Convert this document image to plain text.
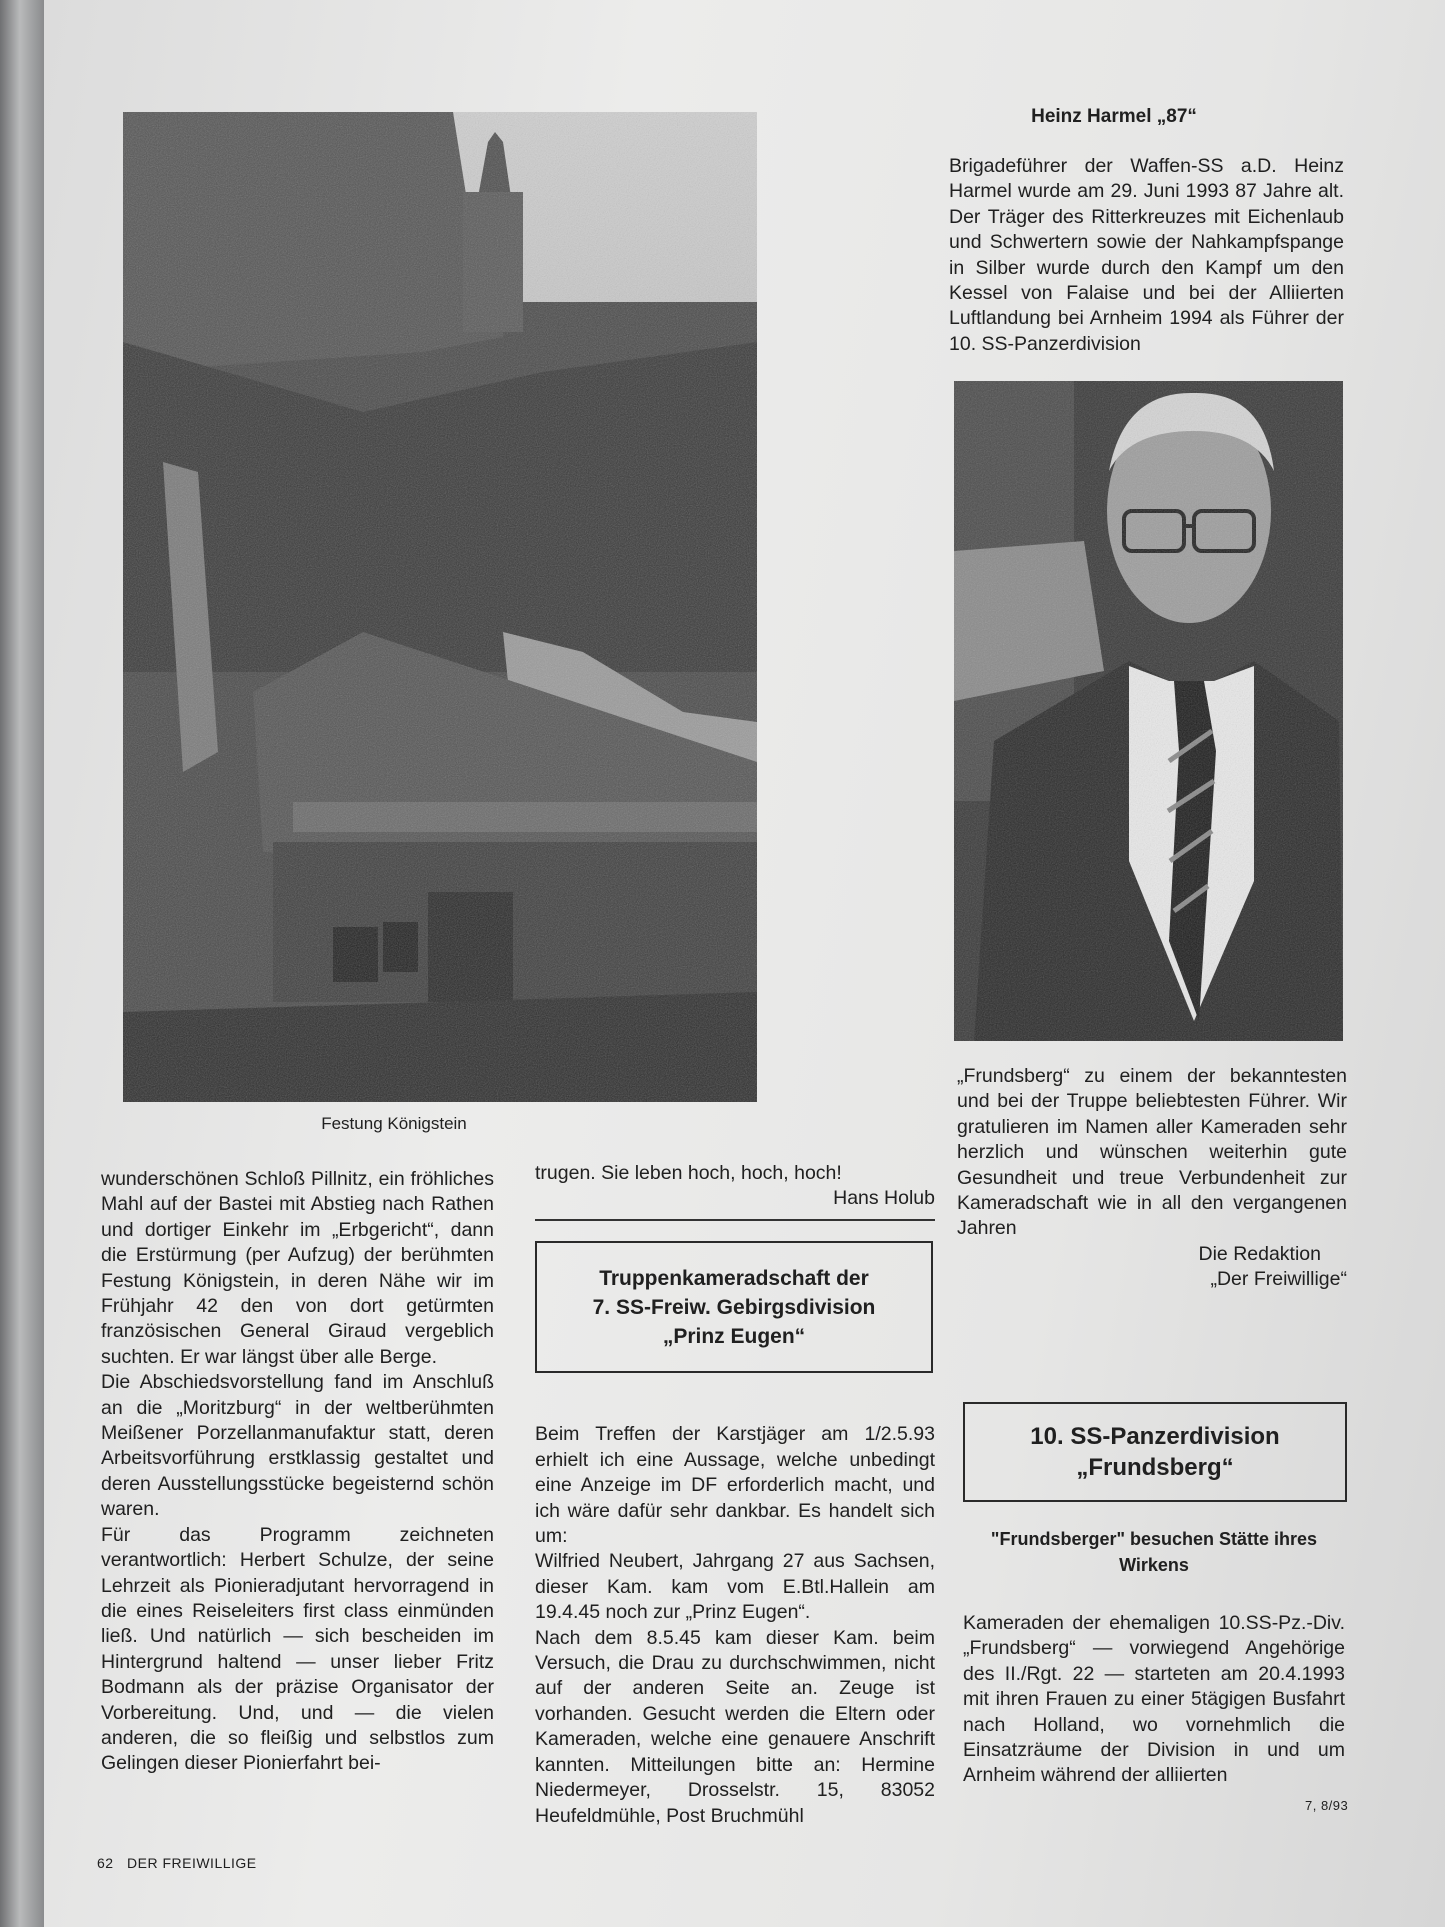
Festung Königstein

wunderschönen Schloß Pillnitz, ein fröhliches Mahl auf der Bastei mit Abstieg nach Rathen und dortiger Einkehr im „Erbgericht“, dann die Erstürmung (per Aufzug) der berühmten Festung Königstein, in deren Nähe wir im Frühjahr 42 den von dort getürmten französischen General Giraud vergeblich suchten. Er war längst über alle Berge.

Die Abschiedsvorstellung fand im Anschluß an die „Moritzburg“ in der weltberühmten Meißener Porzellanmanufaktur statt, deren Arbeitsvorführung erstklassig gestaltet und deren Ausstellungsstücke begeisternd schön waren.

Für das Programm zeichneten verantwortlich: Herbert Schulze, der seine Lehrzeit als Pionieradjutant hervorragend in die eines Reiseleiters first class einmünden ließ. Und natürlich — sich bescheiden im Hintergrund haltend — unser lieber Fritz Bodmann als der präzise Organisator der Vorbereitung. Und, und — die vielen anderen, die so fleißig und selbstlos zum Gelingen dieser Pionierfahrt bei-

trugen. Sie leben hoch, hoch, hoch!

Hans Holub

Truppenkameradschaft der
7. SS-Freiw. Gebirgsdivision
„Prinz Eugen“

Beim Treffen der Karstjäger am 1/2.5.93 erhielt ich eine Aussage, welche unbedingt eine Anzeige im DF erforderlich macht, und ich wäre dafür sehr dankbar. Es handelt sich um:
Wilfried Neubert, Jahrgang 27 aus Sachsen, dieser Kam. kam vom E.Btl.Hallein am 19.4.45 noch zur „Prinz Eugen“.
Nach dem 8.5.45 kam dieser Kam. beim Versuch, die Drau zu durchschwimmen, nicht auf der anderen Seite an. Zeuge ist vorhanden. Gesucht werden die Eltern oder Kameraden, welche eine genauere Anschrift kannten. Mitteilungen bitte an: Hermine Niedermeyer, Drosselstr. 15, 83052 Heufeldmühle, Post Bruchmühl

Heinz Harmel „87“

Brigadeführer der Waffen-SS a.D. Heinz Harmel wurde am 29. Juni 1993 87 Jahre alt. Der Träger des Ritterkreuzes mit Eichenlaub und Schwertern sowie der Nahkampfspange in Silber wurde durch den Kampf um den Kessel von Falaise und bei der Alliierten Luftlandung bei Arnheim 1994 als Führer der 10. SS-Panzerdivision

„Frundsberg“ zu einem der bekanntesten und bei der Truppe beliebtesten Führer. Wir gratulieren im Namen aller Kameraden sehr herzlich und wünschen weiterhin gute Gesundheit und treue Verbundenheit zur Kameradschaft wie in all den vergangenen Jahren

Die Redaktion

„Der Freiwillige“

10. SS-Panzerdivision
„Frundsberg“
"Frundsberger" besuchen Stätte ihres
Wirkens

Kameraden der ehemaligen 10.SS-Pz.-Div. „Frundsberg“ — vorwiegend Angehörige des II./Rgt. 22 — starteten am 20.4.1993 mit ihren Frauen zu einer 5tägigen Busfahrt nach Holland, wo vornehmlich die Einsatzräume der Division in und um Arnheim während der alliierten

62 DER FREIWILLIGE
7, 8/93
